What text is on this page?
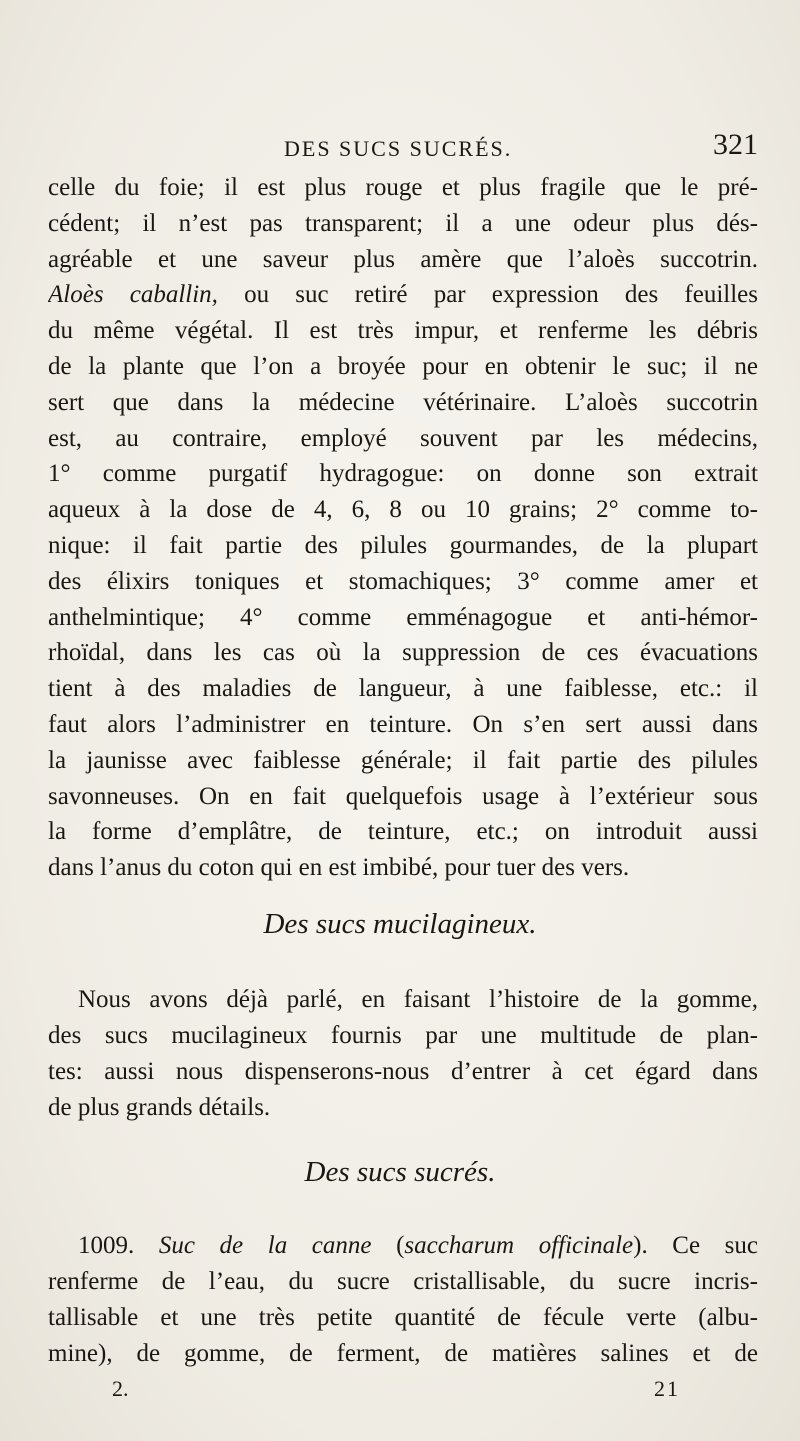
DES SUCS SUCRÉS.	321
celle du foie; il est plus rouge et plus fragile que le pré-
cédent; il n’est pas transparent; il a une odeur plus dés-
agréable et une saveur plus amère que l’aloès succotrin.
Aloès caballin, ou suc retiré par expression des feuilles
du même végétal. Il est très impur, et renferme les débris
de la plante que l’on a broyée pour en obtenir le suc; il ne
sert que dans la médecine vétérinaire. L’aloès succotrin
est, au contraire, employé souvent par les médecins,
1° comme purgatif hydragogue: on donne son extrait
aqueux à la dose de 4, 6, 8 ou 10 grains; 2° comme to-
nique: il fait partie des pilules gourmandes, de la plupart
des élixirs toniques et stomachiques; 3° comme amer et
anthelmintique; 4° comme emménagogue et anti-hémor-
rhoïdal, dans les cas où la suppression de ces évacuations
tient à des maladies de langueur, à une faiblesse, etc.: il
faut alors l’administrer en teinture. On s’en sert aussi dans
la jaunisse avec faiblesse générale; il fait partie des pilules
savonneuses. On en fait quelquefois usage à l’extérieur sous
la forme d’emplâtre, de teinture, etc.; on introduit aussi
dans l’anus du coton qui en est imbibé, pour tuer des vers.
Des sucs mucilagineux.
Nous avons déjà parlé, en faisant l’histoire de la gomme,
des sucs mucilagineux fournis par une multitude de plan-
tes: aussi nous dispenserons-nous d’entrer à cet égard dans
de plus grands détails.
Des sucs sucrés.
1009. Suc de la canne (saccharum officinale). Ce suc
renferme de l’eau, du sucre cristallisable, du sucre incris-
tallisable et une très petite quantité de fécule verte (albu-
mine), de gomme, de ferment, de matières salines et de
2.	21
